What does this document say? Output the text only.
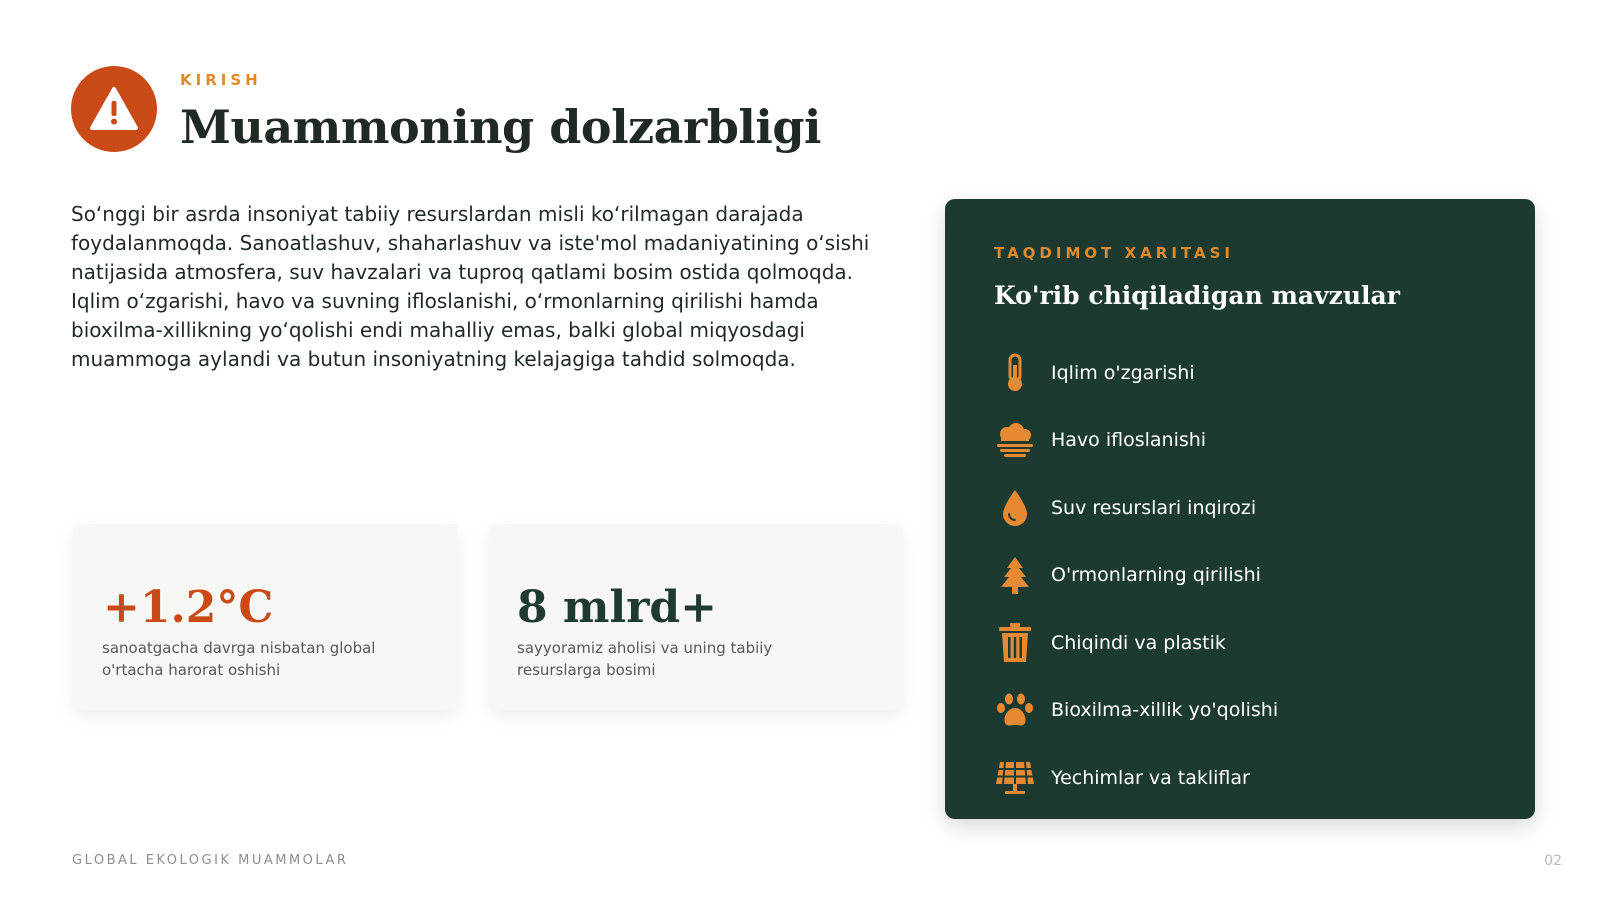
KIRISH
Muammoning dolzarbligi

So‘nggi bir asrda insoniyat tabiiy resurslardan misli ko‘rilmagan darajada foydalanmoqda. Sanoatlashuv, shaharlashuv va iste'mol madaniyatining o‘sishi natijasida atmosfera, suv havzalari va tuproq qatlami bosim ostida qolmoqda. Iqlim o‘zgarishi, havo va suvning ifloslanishi, o‘rmonlarning qirilishi hamda bioxilma-xillikning yo‘qolishi endi mahalliy emas, balki global miqyosdagi muammoga aylandi va butun insoniyatning kelajagiga tahdid solmoqda.

+1.2°C
sanoatgacha davrga nisbatan global o'rtacha harorat oshishi
8 mlrd+
sayyoramiz aholisi va uning tabiiy resurslarga bosimi
TAQDIMOT XARITASI
Ko'rib chiqiladigan mavzular
Iqlim o'zgarishi
Havo ifloslanishi
Suv resurslari inqirozi
O'rmonlarning qirilishi
Chiqindi va plastik
Bioxilma-xillik yo'qolishi
Yechimlar va takliflar
GLOBAL EKOLOGIK MUAMMOLAR	02
